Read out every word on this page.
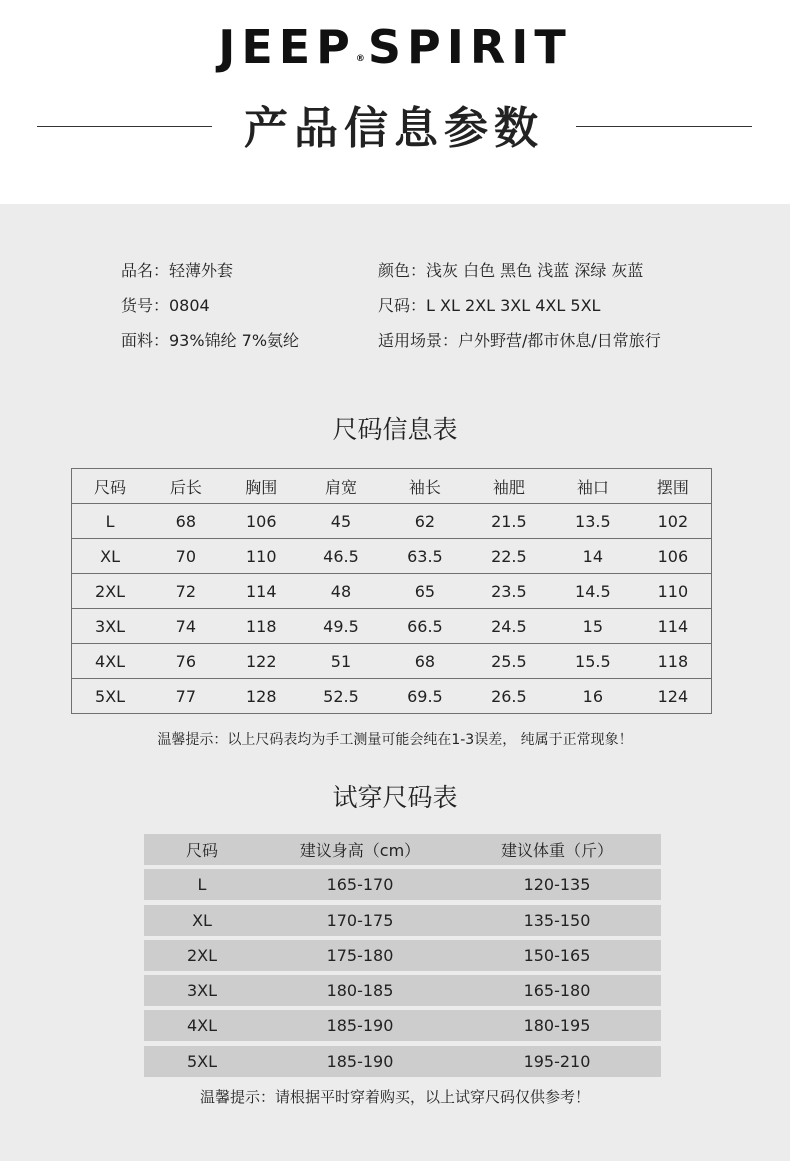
JEEP®SPIRIT
产品信息参数
品名：轻薄外套
货号：0804
面料：93%锦纶 7%氨纶
颜色：浅灰 白色 黑色 浅蓝 深绿 灰蓝
尺码：L XL 2XL 3XL 4XL 5XL
适用场景：户外野营/都市休息/日常旅行
尺码信息表
尺码	后长	胸围	肩宽	袖长	袖肥	袖口	摆围
L	68	106	45	62	21.5	13.5	102
XL	70	110	46.5	63.5	22.5	14	106
2XL	72	114	48	65	23.5	14.5	110
3XL	74	118	49.5	66.5	24.5	15	114
4XL	76	122	51	68	25.5	15.5	118
5XL	77	128	52.5	69.5	26.5	16	124
温馨提示：以上尺码表均为手工测量可能会纯在1-3误差， 纯属于正常现象！
试穿尺码表
尺码	建议身高（cm）	建议体重（斤）
L	165-170	120-135
XL	170-175	135-150
2XL	175-180	150-165
3XL	180-185	165-180
4XL	185-190	180-195
5XL	185-190	195-210
温馨提示：请根据平时穿着购买，以上试穿尺码仅供参考！
